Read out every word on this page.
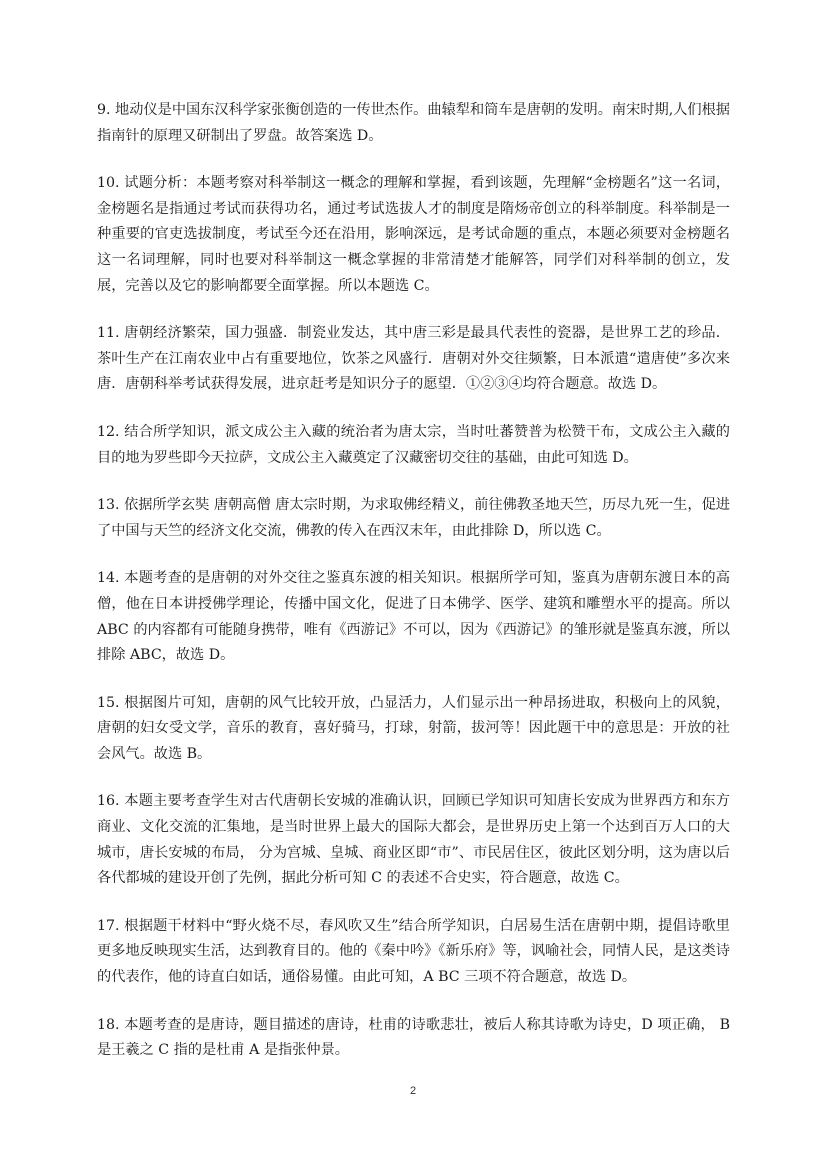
9. 地动仪是中国东汉科学家张衡创造的一传世杰作。曲辕犁和筒车是唐朝的发明。南宋时期,人们根据指南针的原理又研制出了罗盘。故答案选 D。

10. 试题分析：本题考察对科举制这一概念的理解和掌握，看到该题，先理解“金榜题名”这一名词，金榜题名是指通过考试而获得功名，通过考试选拔人才的制度是隋炀帝创立的科举制度。科举制是一种重要的官吏选拔制度，考试至今还在沿用，影响深远，是考试命题的重点，本题必须要对金榜题名这一名词理解，同时也要对科举制这一概念掌握的非常清楚才能解答，同学们对科举制的创立，发展，完善以及它的影响都要全面掌握。所以本题选 C。

11. 唐朝经济繁荣，国力强盛．制瓷业发达，其中唐三彩是最具代表性的瓷器，是世界工艺的珍品．茶叶生产在江南农业中占有重要地位，饮茶之风盛行．唐朝对外交往频繁，日本派遣“遣唐使”多次来唐．唐朝科举考试获得发展，进京赶考是知识分子的愿望．①②③④均符合题意。故选 D。

12. 结合所学知识，派文成公主入藏的统治者为唐太宗，当时吐蕃赞普为松赞干布，文成公主入藏的目的地为罗些即今天拉萨，文成公主入藏奠定了汉藏密切交往的基础，由此可知选 D。

13. 依据所学玄奘 唐朝高僧 唐太宗时期，为求取佛经精义，前往佛教圣地天竺，历尽九死一生，促进了中国与天竺的经济文化交流，佛教的传入在西汉末年，由此排除 D，所以选 C。

14. 本题考查的是唐朝的对外交往之鉴真东渡的相关知识。根据所学可知，鉴真为唐朝东渡日本的高僧，他在日本讲授佛学理论，传播中国文化，促进了日本佛学、医学、建筑和雕塑水平的提高。所以 ABC 的内容都有可能随身携带，唯有《西游记》不可以，因为《西游记》的雏形就是鉴真东渡，所以排除 ABC，故选 D。

15. 根据图片可知，唐朝的风气比较开放，凸显活力，人们显示出一种昂扬进取，积极向上的风貌，唐朝的妇女受文学，音乐的教育，喜好骑马，打球，射箭，拔河等！因此题干中的意思是：开放的社会风气。故选 B。

16. 本题主要考查学生对古代唐朝长安城的准确认识，回顾已学知识可知唐长安成为世界西方和东方商业、文化交流的汇集地，是当时世界上最大的国际大都会，是世界历史上第一个达到百万人口的大城市，唐长安城的布局， 分为宫城、皇城、商业区即“市”、市民居住区，彼此区划分明，这为唐以后各代都城的建设开创了先例，据此分析可知 C 的表述不合史实，符合题意，故选 C。

17. 根据题干材料中“野火烧不尽，春风吹又生”结合所学知识，白居易生活在唐朝中期，提倡诗歌里更多地反映现实生活，达到教育目的。他的《秦中吟》《新乐府》等，讽喻社会，同情人民，是这类诗的代表作，他的诗直白如话，通俗易懂。由此可知，A BC 三项不符合题意，故选 D。

18. 本题考查的是唐诗，题目描述的唐诗，杜甫的诗歌悲壮，被后人称其诗歌为诗史，D 项正确， B 是王羲之 C 指的是杜甫 A 是指张仲景。

2
